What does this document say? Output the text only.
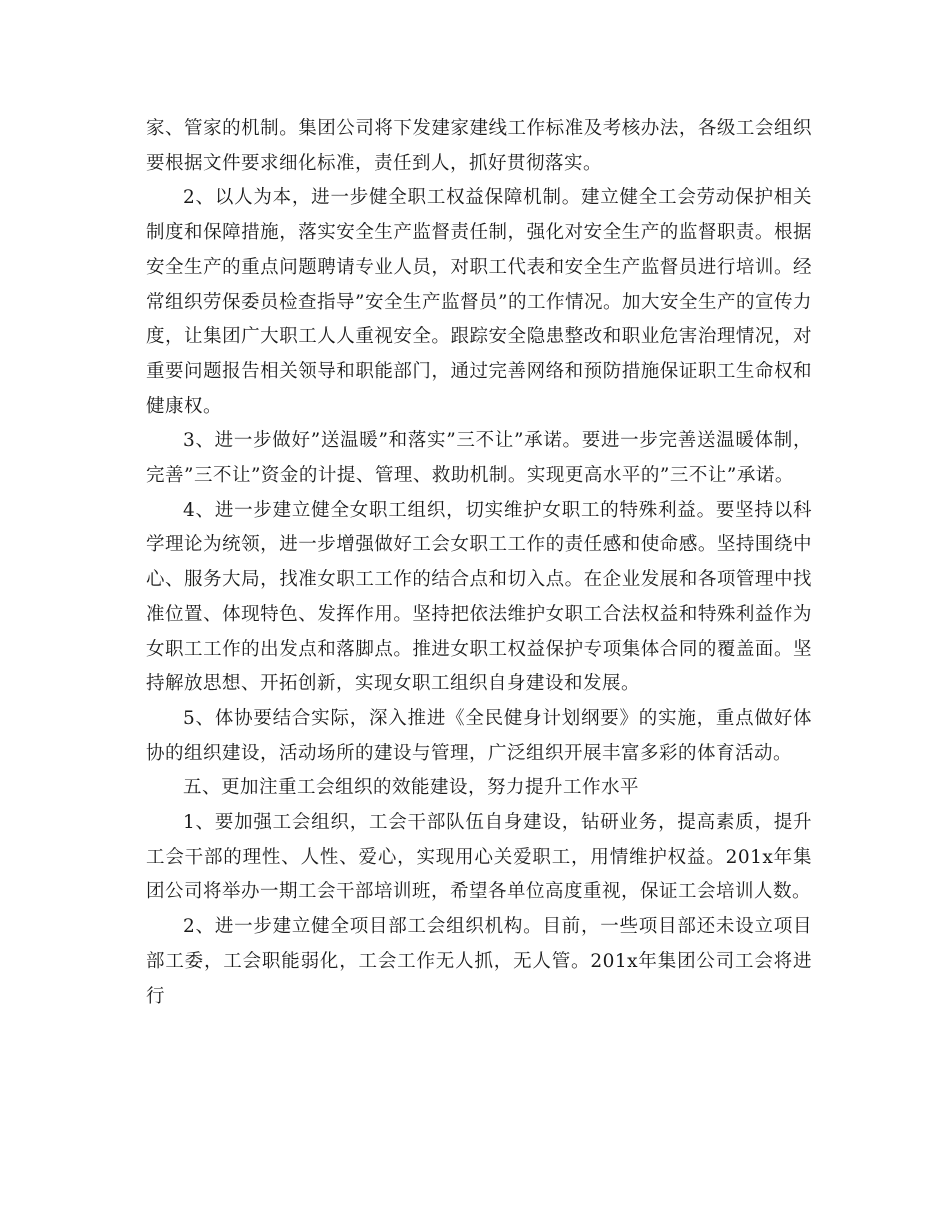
家、管家的机制。集团公司将下发建家建线工作标准及考核办法，各级工会组织要根据文件要求细化标准，责任到人，抓好贯彻落实。

2、以人为本，进一步健全职工权益保障机制。建立健全工会劳动保护相关制度和保障措施，落实安全生产监督责任制，强化对安全生产的监督职责。根据安全生产的重点问题聘请专业人员，对职工代表和安全生产监督员进行培训。经常组织劳保委员检查指导”安全生产监督员”的工作情况。加大安全生产的宣传力度，让集团广大职工人人重视安全。跟踪安全隐患整改和职业危害治理情况，对重要问题报告相关领导和职能部门，通过完善网络和预防措施保证职工生命权和健康权。

3、进一步做好”送温暖”和落实”三不让”承诺。要进一步完善送温暖体制，完善”三不让”资金的计提、管理、救助机制。实现更高水平的”三不让”承诺。

4、进一步建立健全女职工组织，切实维护女职工的特殊利益。要坚持以科学理论为统领，进一步增强做好工会女职工工作的责任感和使命感。坚持围绕中心、服务大局，找准女职工工作的结合点和切入点。在企业发展和各项管理中找准位置、体现特色、发挥作用。坚持把依法维护女职工合法权益和特殊利益作为女职工工作的出发点和落脚点。推进女职工权益保护专项集体合同的覆盖面。坚持解放思想、开拓创新，实现女职工组织自身建设和发展。

5、体协要结合实际，深入推进《全民健身计划纲要》的实施，重点做好体协的组织建设，活动场所的建设与管理，广泛组织开展丰富多彩的体育活动。

五、更加注重工会组织的效能建设，努力提升工作水平

1、要加强工会组织，工会干部队伍自身建设，钻研业务，提高素质，提升工会干部的理性、人性、爱心，实现用心关爱职工，用情维护权益。201x年集团公司将举办一期工会干部培训班，希望各单位高度重视，保证工会培训人数。

2、进一步建立健全项目部工会组织机构。目前，一些项目部还未设立项目部工委，工会职能弱化，工会工作无人抓，无人管。201x年集团公司工会将进行
